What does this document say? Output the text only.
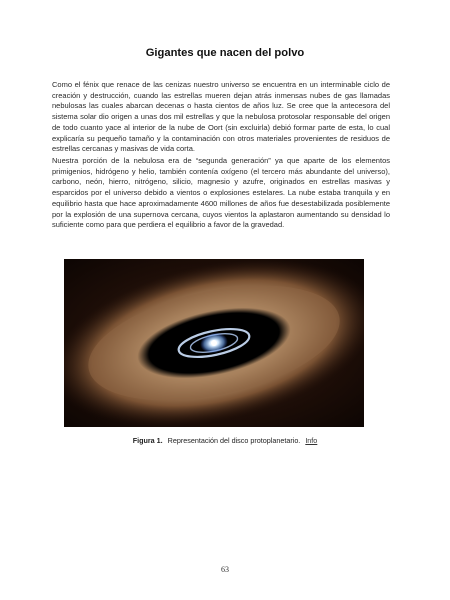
Gigantes que nacen del polvo
Como el fénix que renace de las cenizas nuestro universo se encuentra en un interminable ciclo de creación y destrucción, cuando las estrellas mueren dejan atrás inmensas nubes de gas llamadas nebulosas las cuales abarcan decenas o hasta cientos de años luz. Se cree que la antecesora del sistema solar dio origen a unas dos mil estrellas y que la nebulosa protosolar responsable del origen de todo cuanto yace al interior de la nube de Oort (sin excluirla) debió formar parte de esta, lo cual explicaría su pequeño tamaño y la contaminación con otros materiales provenientes de residuos de estrellas cercanas y masivas de vida corta.
Nuestra porción de la nebulosa era de “segunda generación” ya que aparte de los elementos primigenios, hidrógeno y helio, también contenía oxígeno (el tercero más abundante del universo), carbono, neón, hierro, nitrógeno, silicio, magnesio y azufre, originados en estrellas masivas y esparcidos por el universo debido a vientos o explosiones estelares. La nube estaba tranquila y en equilibrio hasta que hace aproximadamente 4600 millones de años fue desestabilizada posiblemente por la explosión de una supernova cercana, cuyos vientos la aplastaron aumentando su densidad lo suficiente como para que perdiera el equilibrio a favor de la gravedad.
Figura 1. Representación del disco protoplanetario. Info
63
